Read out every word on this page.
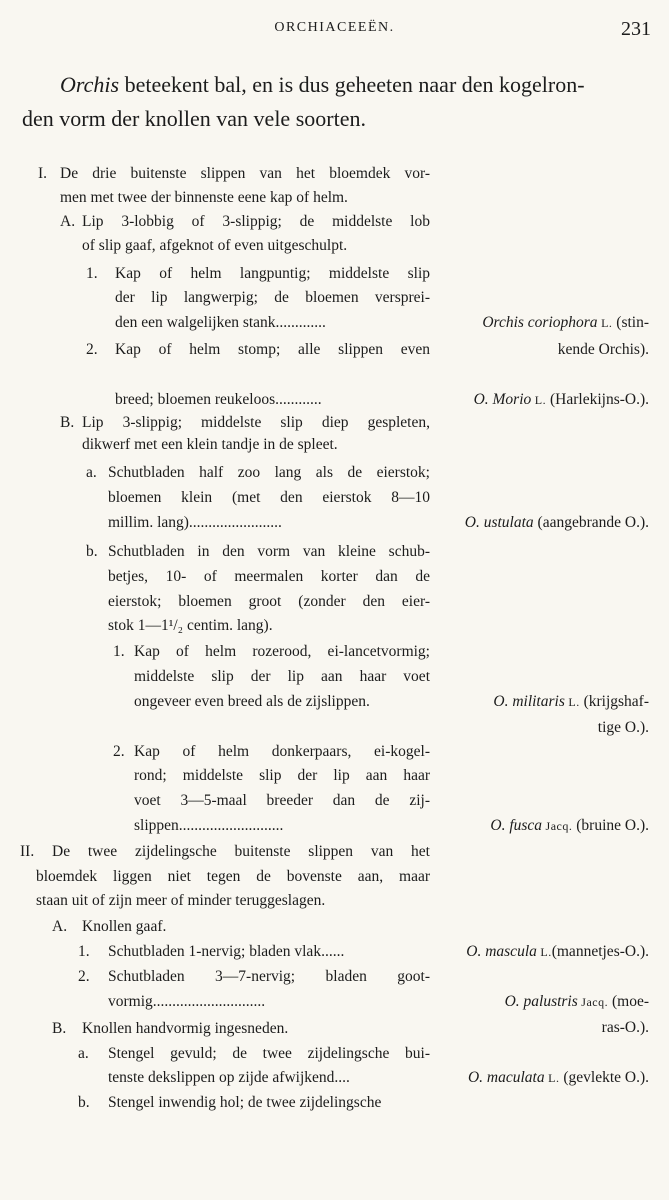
ORCHIACEEËN.	231
Orchis beteekent bal, en is dus geheeten naar den kogelron-
den vorm der knollen van vele soorten.
I. De drie buitenste slippen van het bloemdek vor-
men met twee der binnenste eene kap of helm.
A. Lip 3-lobbig of 3-slippig; de middelste lob
of slip gaaf, afgeknot of even uitgeschulpt.
1. Kap of helm langpuntig; middelste slip
der lip langwerpig; de bloemen versprei-
den een walgelijken stank.............
2. Kap of helm stomp; alle slippen even
breed; bloemen reukeloos............
B. Lip 3-slippig; middelste slip diep gespleten,
dikwerf met een klein tandje in de spleet.
a. Schutbladen half zoo lang als de eierstok;
bloemen klein (met den eierstok 8—10
millim. lang)........................
b. Schutbladen in den vorm van kleine schub-
betjes, 10- of meermalen korter dan de
eierstok; bloemen groot (zonder den eier-
stok 1—1¹/₂ centim. lang).
1. Kap of helm rozerood, ei-lancetvormig;
middelste slip der lip aan haar voet
ongeveer even breed als de zijslippen.
2. Kap of helm donkerpaars, ei-kogel-
rond; middelste slip der lip aan haar
voet 3—5-maal breeder dan de zij-
slippen...........................
II. De twee zijdelingsche buitenste slippen van het
bloemdek liggen niet tegen de bovenste aan, maar
staan uit of zijn meer of minder teruggeslagen.
A. Knollen gaaf.
1. Schutbladen 1-nervig; bladen vlak......
2. Schutbladen 3—7-nervig; bladen goot-
vormig.............................
B. Knollen handvormig ingesneden.
a. Stengel gevuld; de twee zijdelingsche bui-
tenste dekslippen op zijde afwijkend....
b. Stengel inwendig hol; de twee zijdelingsche
Orchis coriophora L. (stin-
kende Orchis).
O. Morio L. (Harlekijns-O.).
O. ustulata (aangebrande O.).
O. militaris L. (krijgshaf-
tige O.).
O. fusca Jacq. (bruine O.).
O. mascula L.(mannetjes-O.).
O. palustris Jacq. (moe-
ras-O.).
O. maculata L. (gevlekte O.).
